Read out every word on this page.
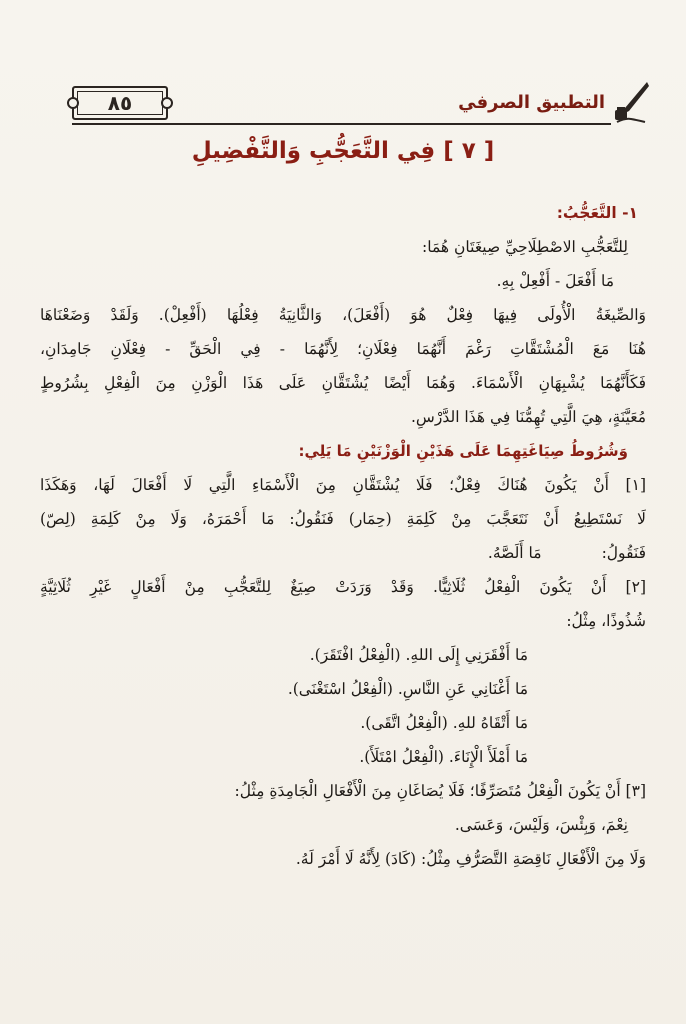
٨٥	التطبيق الصرفي
[ ٧ ] فِي التَّعَجُّبِ وَالتَّفْضِيلِ
١- التَّعَجُّبُ:
لِلتَّعَجُّبِ الاصْطِلَاحِيِّ صِيغَتَانِ هُمَا:
مَا أَفْعَلَ - أَفْعِلْ بِهِ.
وَالصِّيغَةُ الْأُولَى فِيهَا فِعْلٌ هُوَ (أَفْعَلَ)، وَالثَّانِيَةُ فِعْلُهَا (أَفْعِلْ). وَلَقَدْ وَضَعْنَاهَا
هُنَا مَعَ الْمُشْتَقَّاتِ رَغْمَ أَنَّهُمَا فِعْلَانِ؛ لِأَنَّهُمَا - فِي الْحَقِّ - فِعْلَانِ جَامِدَانِ،
فَكَأَنَّهُمَا يُشْبِهَانِ الْأَسْمَاءَ. وَهُمَا أَيْضًا يُشْتَقَّانِ عَلَى هَذَا الْوَزْنِ مِنَ الْفِعْلِ بِشُرُوطٍ
مُعَيَّنَةٍ، هِيَ الَّتِي تُهِمُّنَا فِي هَذَا الدَّرْسِ.
وَشُرُوطُ صِيَاغَتِهِمَا عَلَى هَذَيْنِ الْوَزْنَيْنِ مَا يَلِي:
[١] أَنْ يَكُونَ هُنَاكَ فِعْلٌ؛ فَلَا يُشْتَقَّانِ مِنَ الْأَسْمَاءِ الَّتِي لَا أَفْعَالَ لَهَا، وَهَكَذَا
لَا نَسْتَطِيعُ أَنْ نَتَعَجَّبَ مِنْ كَلِمَةِ (حِمَار) فَنَقُولُ: مَا أَحْمَرَهُ، وَلَا مِنْ كَلِمَةِ (لِصّ)
فَنَقُولُ:
مَا أَلَصَّهُ.
[٢] أَنْ يَكُونَ الْفِعْلُ ثُلَاثِيًّا. وَقَدْ وَرَدَتْ صِيَغٌ لِلتَّعَجُّبِ مِنْ أَفْعَالٍ غَيْرِ ثُلَاثِيَّةٍ
شُذُوذًا، مِثْلُ:
مَا أَفْقَرَنِي إِلَى اللهِ. (الْفِعْلُ افْتَقَرَ).
مَا أَغْنَانِي عَنِ النَّاسِ. (الْفِعْلُ اسْتَغْنَى).
مَا أَتْقَاهُ للهِ. (الْفِعْلُ اتَّقَى).
مَا أَمْلَأَ الْإِنَاءَ. (الْفِعْلُ امْتَلَأَ).
[٣] أَنْ يَكُونَ الْفِعْلُ مُتَصَرِّفًا؛ فَلَا يُصَاغَانِ مِنَ الْأَفْعَالِ الْجَامِدَةِ مِثْلُ:
نِعْمَ، وَبِئْسَ، وَلَيْسَ، وَعَسَى.
وَلَا مِنَ الْأَفْعَالِ نَاقِصَةِ التَّصَرُّفِ مِثْلُ: (كَادَ) لِأَنَّهُ لَا أَمْرَ لَهُ.
